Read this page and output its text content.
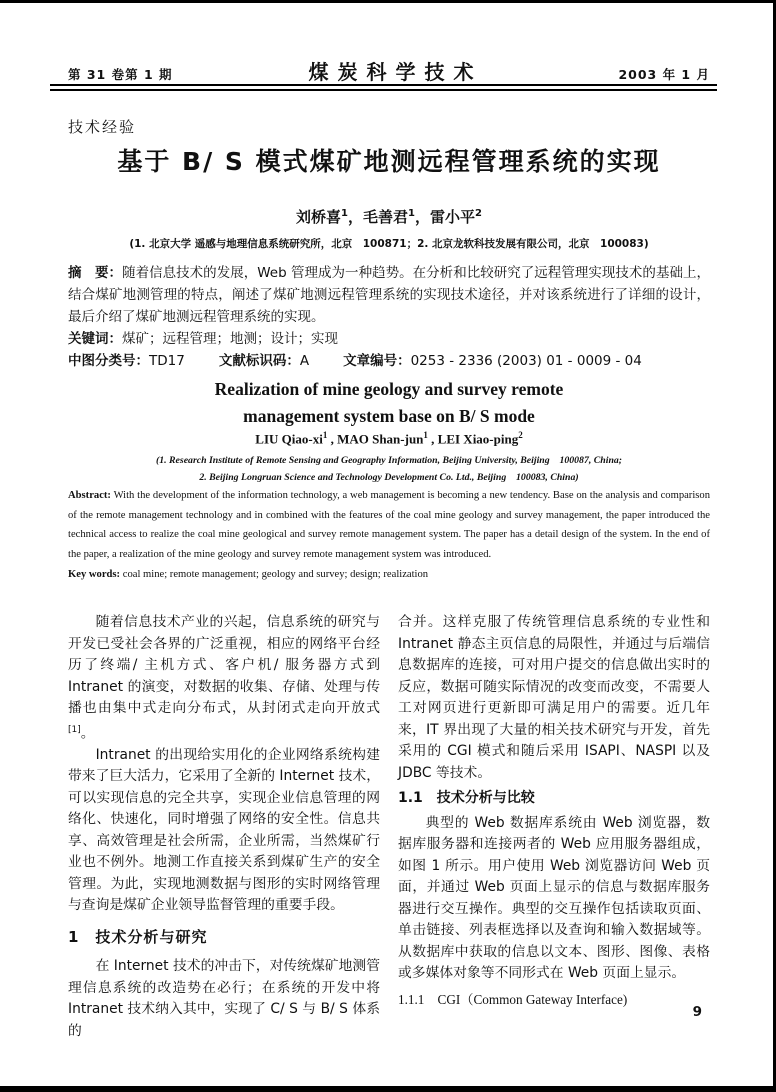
第 31 卷第 1 期	煤炭科学技术	2003 年 1 月
技术经验
基于 B/ S 模式煤矿地测远程管理系统的实现
刘桥喜$^1$，毛善君$^1$，雷小平$^2$
(1. 北京大学 遥感与地理信息系统研究所，北京　100871；2. 北京龙软科技发展有限公司，北京　100083)
摘　要：随着信息技术的发展，Web 管理成为一种趋势。在分析和比较研究了远程管理实现技术的基础上，结合煤矿地测管理的特点，阐述了煤矿地测远程管理系统的实现技术途径，并对该系统进行了详细的设计，最后介绍了煤矿地测远程管理系统的实现。
关键词：煤矿；远程管理；地测；设计；实现
中图分类号：TD17	文献标识码：A	文章编号：0253 - 2336 (2003) 01 - 0009 - 04
Realization of mine geology and survey remote
management system base on B/ S mode
LIU Qiao-$xi^1$ , MAO Shan-jun$^1$ , LEI Xiao-ping$^2$
(1. Research Institute of Remote Sensing and Geography Information, Beijing University, Beijing　100087, China;
2. Beijing Longruan Science and Technology Development Co. Ltd., Beijing　100083, China)
Abstract: With the development of the information technology, a web management is becoming a new tendency. Base on the analysis and comparison of the remote management technology and in combined with the features of the coal mine geology and survey management, the paper introduced the technical access to realize the coal mine geological and survey remote management system. The paper has a detail design of the system. In the end of the paper, a realization of the mine geology and survey remote management system was introduced.
Key words: coal mine; remote management; geology and survey; design; realization

随着信息技术产业的兴起，信息系统的研究与开发已受社会各界的广泛重视，相应的网络平台经历了终端/ 主机方式、客户机/ 服务器方式到 Intranet 的演变，对数据的收集、存储、处理与传播也由集中式走向分布式，从封闭式走向开放式[1]。

Intranet 的出现给实用化的企业网络系统构建带来了巨大活力，它采用了全新的 Internet 技术，可以实现信息的完全共享，实现企业信息管理的网络化、快速化，同时增强了网络的安全性。信息共享、高效管理是社会所需，企业所需，当然煤矿行业也不例外。地测工作直接关系到煤矿生产的安全管理。为此，实现地测数据与图形的实时网络管理与查询是煤矿企业领导监督管理的重要手段。

1　技术分析与研究

在 Internet 技术的冲击下，对传统煤矿地测管理信息系统的改造势在必行；在系统的开发中将 Intranet 技术纳入其中，实现了 C/ S 与 B/ S 体系的

合并。这样克服了传统管理信息系统的专业性和 Intranet 静态主页信息的局限性，并通过与后端信息数据库的连接，可对用户提交的信息做出实时的反应，数据可随实际情况的改变而改变，不需要人工对网页进行更新即可满足用户的需要。近几年来，IT 界出现了大量的相关技术研究与开发，首先采用的 CGI 模式和随后采用 ISAPI、NASPI 以及 JDBC 等技术。

1.1　技术分析与比较

典型的 Web 数据库系统由 Web 浏览器，数据库服务器和连接两者的 Web 应用服务器组成，如图 1 所示。用户使用 Web 浏览器访问 Web 页面，并通过 Web 页面上显示的信息与数据库服务器进行交互操作。典型的交互操作包括读取页面、单击链接、列表框选择以及查询和输入数据域等。从数据库中获取的信息以文本、图形、图像、表格或多媒体对象等不同形式在 Web 页面上显示。

1.1.1　CGI（Common Gateway Interface)
9
